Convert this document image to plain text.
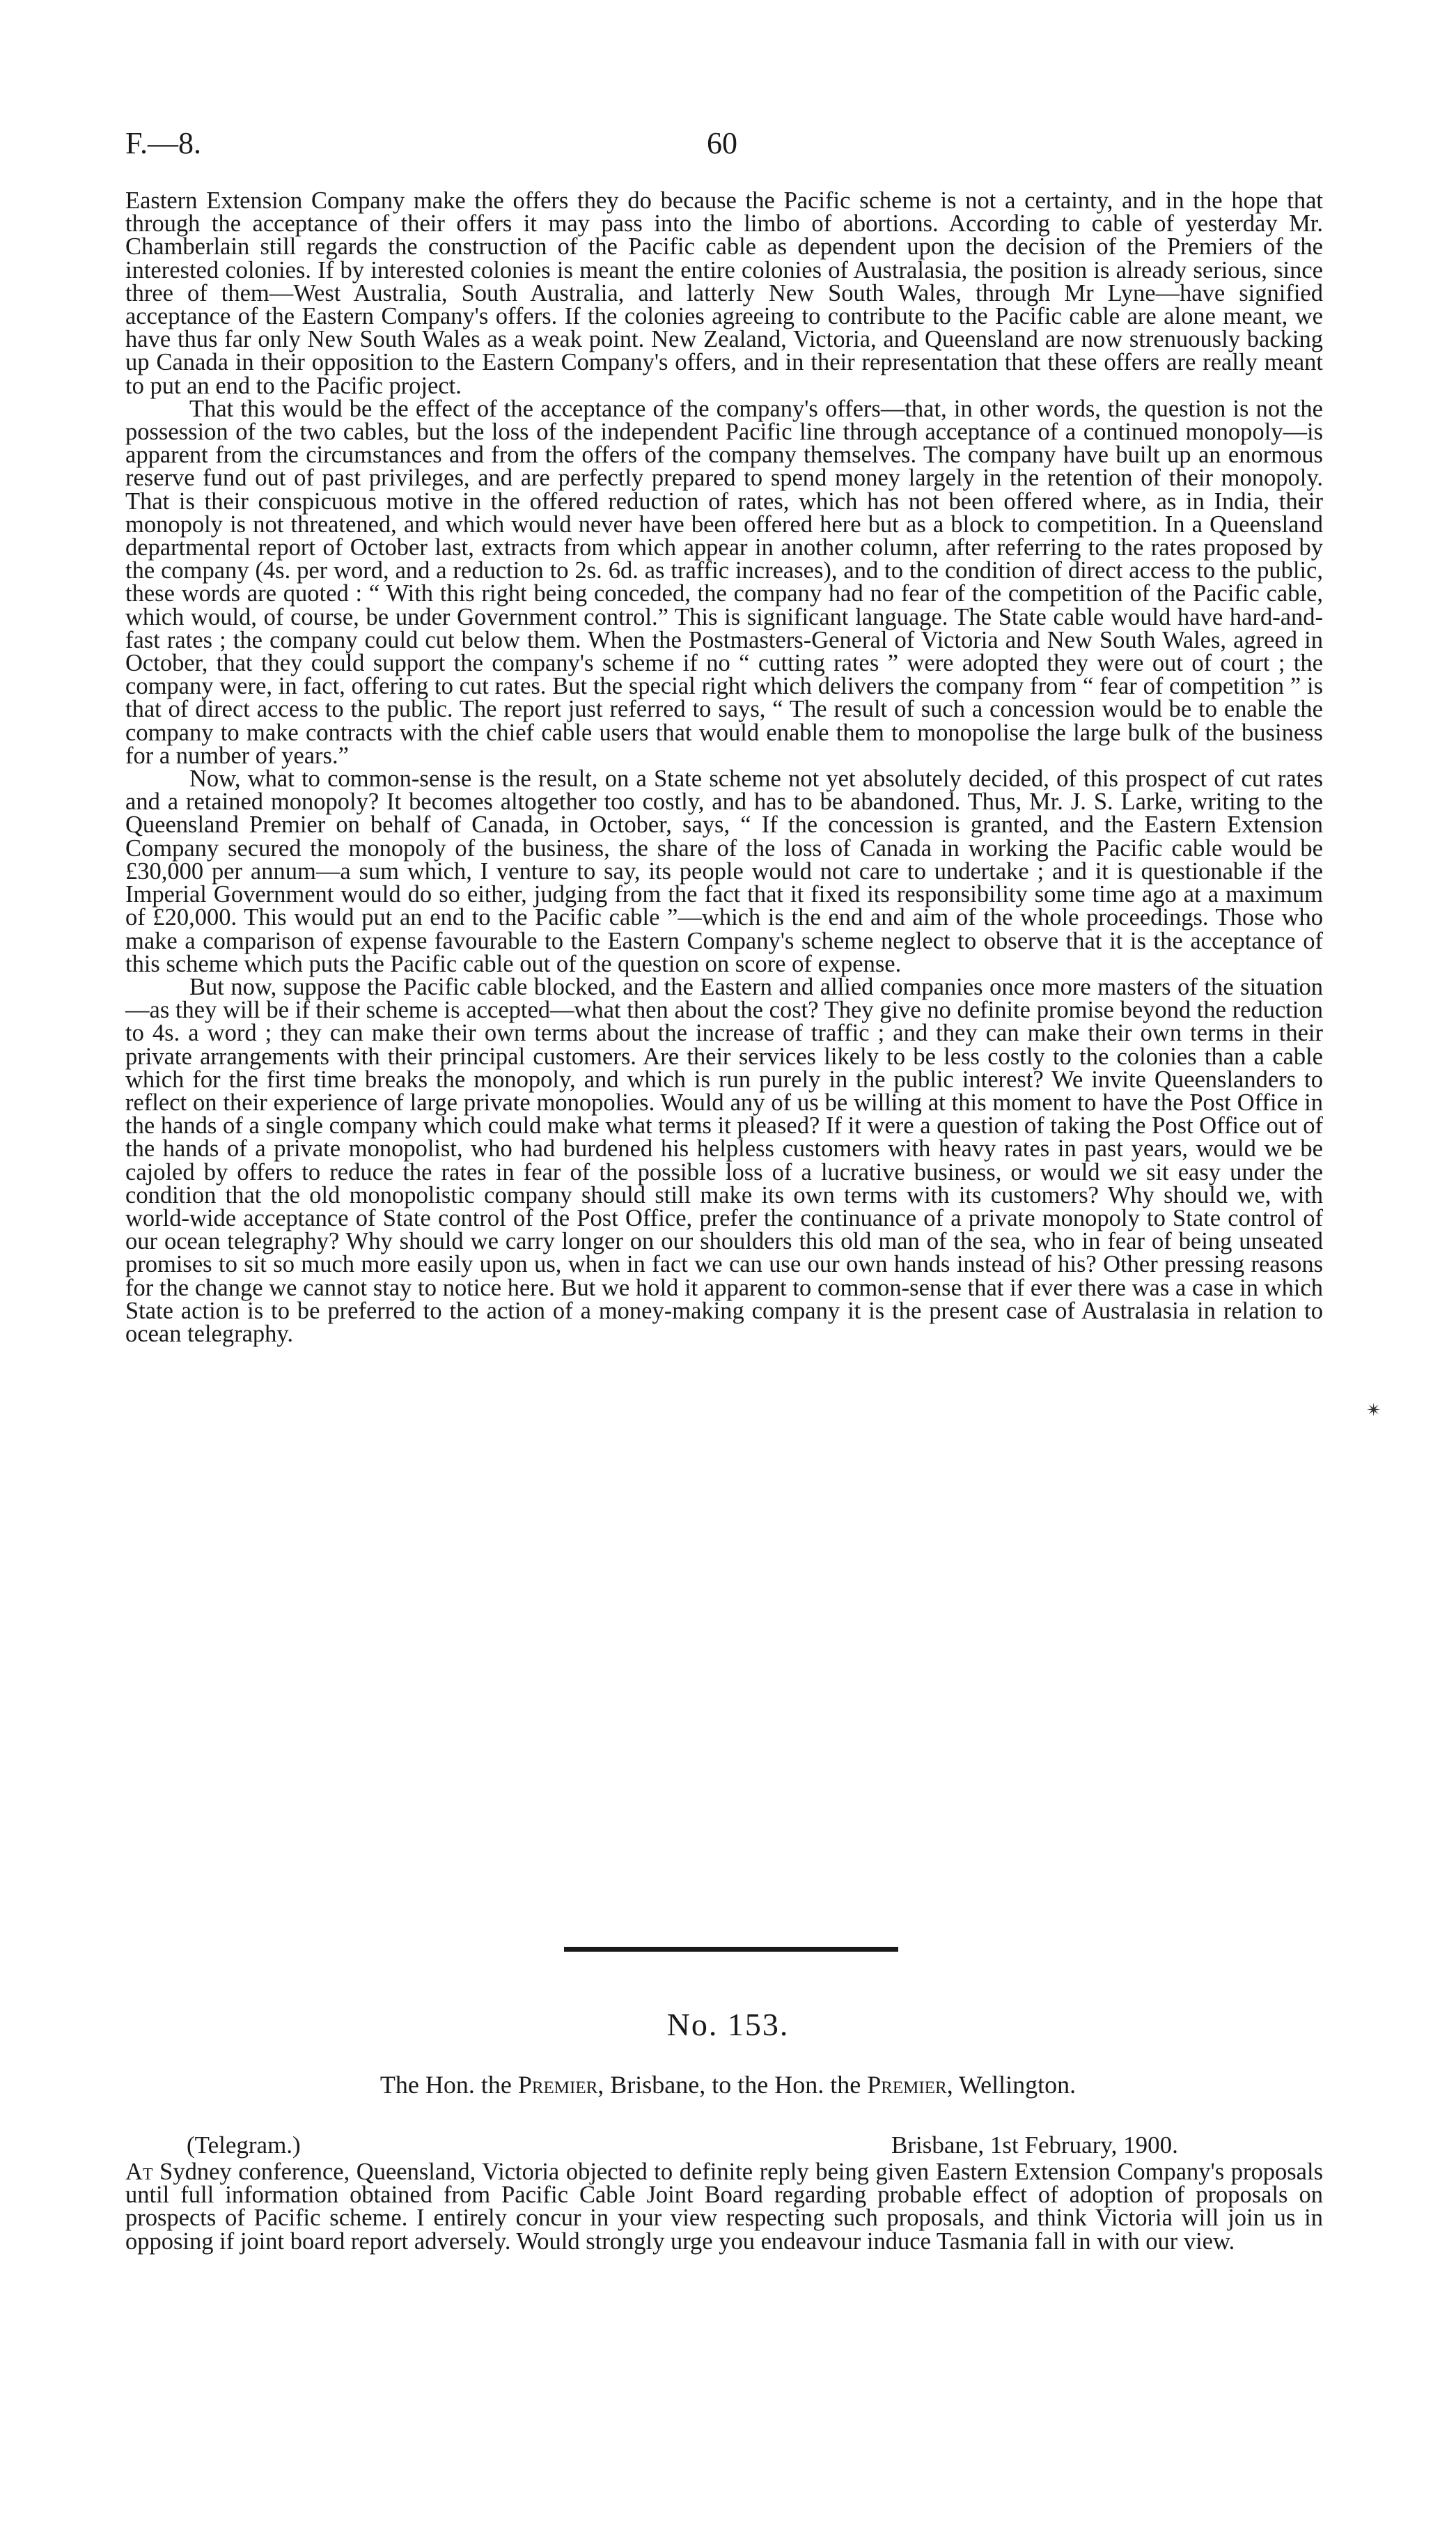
F.—8.	60

Eastern Extension Company make the offers they do because the Pacific scheme is not a certainty, and in the hope that through the acceptance of their offers it may pass into the limbo of abortions. According to cable of yesterday Mr. Chamberlain still regards the construction of the Pacific cable as dependent upon the decision of the Premiers of the interested colonies. If by interested colonies is meant the entire colonies of Australasia, the position is already serious, since three of them—West Australia, South Australia, and latterly New South Wales, through Mr Lyne—have signified acceptance of the Eastern Company's offers. If the colonies agreeing to contribute to the Pacific cable are alone meant, we have thus far only New South Wales as a weak point. New Zealand, Victoria, and Queensland are now strenuously backing up Canada in their opposition to the Eastern Company's offers, and in their representation that these offers are really meant to put an end to the Pacific project.

That this would be the effect of the acceptance of the company's offers—that, in other words, the question is not the possession of the two cables, but the loss of the independent Pacific line through acceptance of a continued monopoly—is apparent from the circumstances and from the offers of the company themselves. The company have built up an enormous reserve fund out of past privileges, and are perfectly prepared to spend money largely in the retention of their monopoly. That is their conspicuous motive in the offered reduction of rates, which has not been offered where, as in India, their monopoly is not threatened, and which would never have been offered here but as a block to competition. In a Queensland departmental report of October last, extracts from which appear in another column, after referring to the rates proposed by the company (4s. per word, and a reduction to 2s. 6d. as traffic increases), and to the condition of direct access to the public, these words are quoted : “ With this right being conceded, the company had no fear of the competition of the Pacific cable, which would, of course, be under Government control.” This is significant language. The State cable would have hard-and-fast rates ; the company could cut below them. When the Postmasters-General of Victoria and New South Wales, agreed in October, that they could support the company's scheme if no “ cutting rates ” were adopted they were out of court ; the company were, in fact, offering to cut rates. But the special right which delivers the company from “ fear of competition ” is that of direct access to the public. The report just referred to says, “ The result of such a concession would be to enable the company to make contracts with the chief cable users that would enable them to monopolise the large bulk of the business for a number of years.”

Now, what to common-sense is the result, on a State scheme not yet absolutely decided, of this prospect of cut rates and a retained monopoly? It becomes altogether too costly, and has to be abandoned. Thus, Mr. J. S. Larke, writing to the Queensland Premier on behalf of Canada, in October, says, “ If the concession is granted, and the Eastern Extension Company secured the monopoly of the business, the share of the loss of Canada in working the Pacific cable would be £30,000 per annum—a sum which, I venture to say, its people would not care to undertake ; and it is questionable if the Imperial Government would do so either, judging from the fact that it fixed its responsibility some time ago at a maximum of £20,000. This would put an end to the Pacific cable ”—which is the end and aim of the whole proceedings. Those who make a comparison of expense favourable to the Eastern Company's scheme neglect to observe that it is the acceptance of this scheme which puts the Pacific cable out of the question on score of expense.

But now, suppose the Pacific cable blocked, and the Eastern and allied companies once more masters of the situation—as they will be if their scheme is accepted—what then about the cost? They give no definite promise beyond the reduction to 4s. a word ; they can make their own terms about the increase of traffic ; and they can make their own terms in their private arrangements with their principal customers. Are their services likely to be less costly to the colonies than a cable which for the first time breaks the monopoly, and which is run purely in the public interest? We invite Queenslanders to reflect on their experience of large private monopolies. Would any of us be willing at this moment to have the Post Office in the hands of a single company which could make what terms it pleased? If it were a question of taking the Post Office out of the hands of a private monopolist, who had burdened his helpless customers with heavy rates in past years, would we be cajoled by offers to reduce the rates in fear of the possible loss of a lucrative business, or would we sit easy under the condition that the old monopolistic company should still make its own terms with its customers? Why should we, with world-wide acceptance of State control of the Post Office, prefer the continuance of a private monopoly to State control of our ocean telegraphy? Why should we carry longer on our shoulders this old man of the sea, who in fear of being unseated promises to sit so much more easily upon us, when in fact we can use our own hands instead of his? Other pressing reasons for the change we cannot stay to notice here. But we hold it apparent to common-sense that if ever there was a case in which State action is to be preferred to the action of a money-making company it is the present case of Australasia in relation to ocean telegraphy.

✴
No. 153.
The Hon. the Premier, Brisbane, to the Hon. the Premier, Wellington.
(Telegram.)	Brisbane, 1st February, 1900.
At Sydney conference, Queensland, Victoria objected to definite reply being given Eastern Extension Company's proposals until full information obtained from Pacific Cable Joint Board regarding probable effect of adoption of proposals on prospects of Pacific scheme. I entirely concur in your view respecting such proposals, and think Victoria will join us in opposing if joint board report adversely. Would strongly urge you endeavour induce Tasmania fall in with our view.
